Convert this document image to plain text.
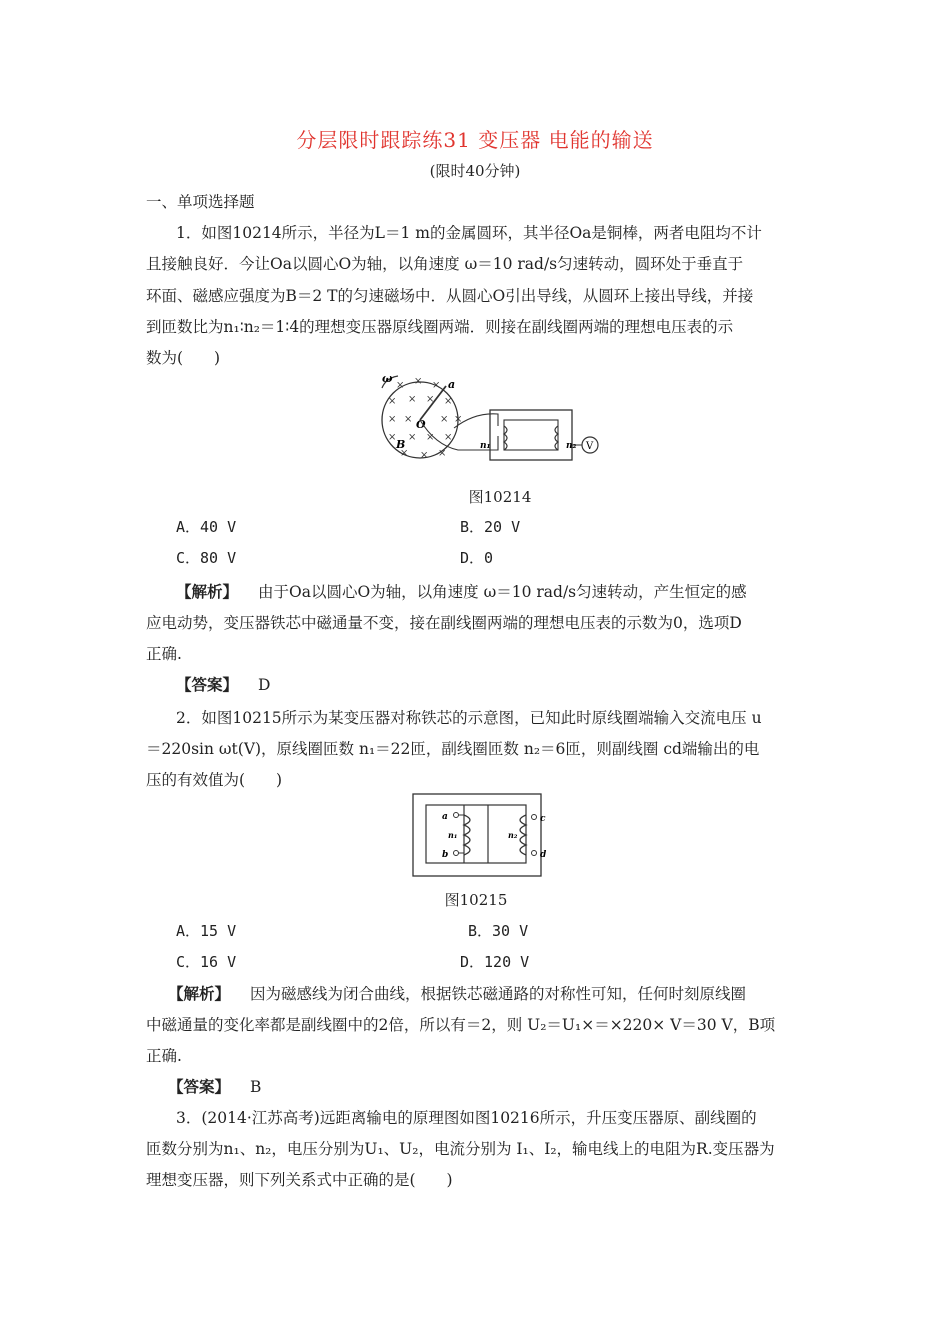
分层限时跟踪练31 变压器 电能的输送
(限时40分钟)
一、单项选择题
1．如图10214所示，半径为L＝1 m的金属圆环，其半径Oa是铜棒，两者电阻均不计
且接触良好．今让Oa以圆心O为轴，以角速度 ω＝10 rad/s匀速转动，圆环处于垂直于
环面、磁感应强度为B＝2 T的匀速磁场中．从圆心O引出导线，从圆环上接出导线，并接
到匝数比为n₁∶n₂＝1∶4的理想变压器原线圈两端．则接在副线圈两端的理想电压表的示
数为(　　)
× × ×
× × × ×
× ×	× ×
× × × ×
× × ×
ω	a
O
B	n₁	n₂ V
图10214
A．40 V	B．20 V
C．80 V	D．0
【解析】 由于Oa以圆心O为轴，以角速度 ω＝10 rad/s匀速转动，产生恒定的感
应电动势，变压器铁芯中磁通量不变，接在副线圈两端的理想电压表的示数为0，选项D
正确.
【答案】 D
2．如图10215所示为某变压器对称铁芯的示意图，已知此时原线圈端输入交流电压 u
＝220sin ωt(V)，原线圈匝数 n₁＝22匝，副线圈匝数 n₂＝6匝，则副线圈 cd端输出的电
压的有效值为(　　)
a
b
n₁	n₂
c
d
图10215
A．15 V	B．30 V
C．16 V	D．120 V
【解析】 因为磁感线为闭合曲线，根据铁芯磁通路的对称性可知，任何时刻原线圈
中磁通量的变化率都是副线圈中的2倍，所以有＝2，则 U₂＝U₁×＝×220× V＝30 V，B项
正确.
【答案】 B
3．(2014·江苏高考)远距离输电的原理图如图10216所示，升压变压器原、副线圈的
匝数分别为n₁、n₂，电压分别为U₁、U₂，电流分别为 I₁、I₂，输电线上的电阻为R.变压器为
理想变压器，则下列关系式中正确的是(　　)
